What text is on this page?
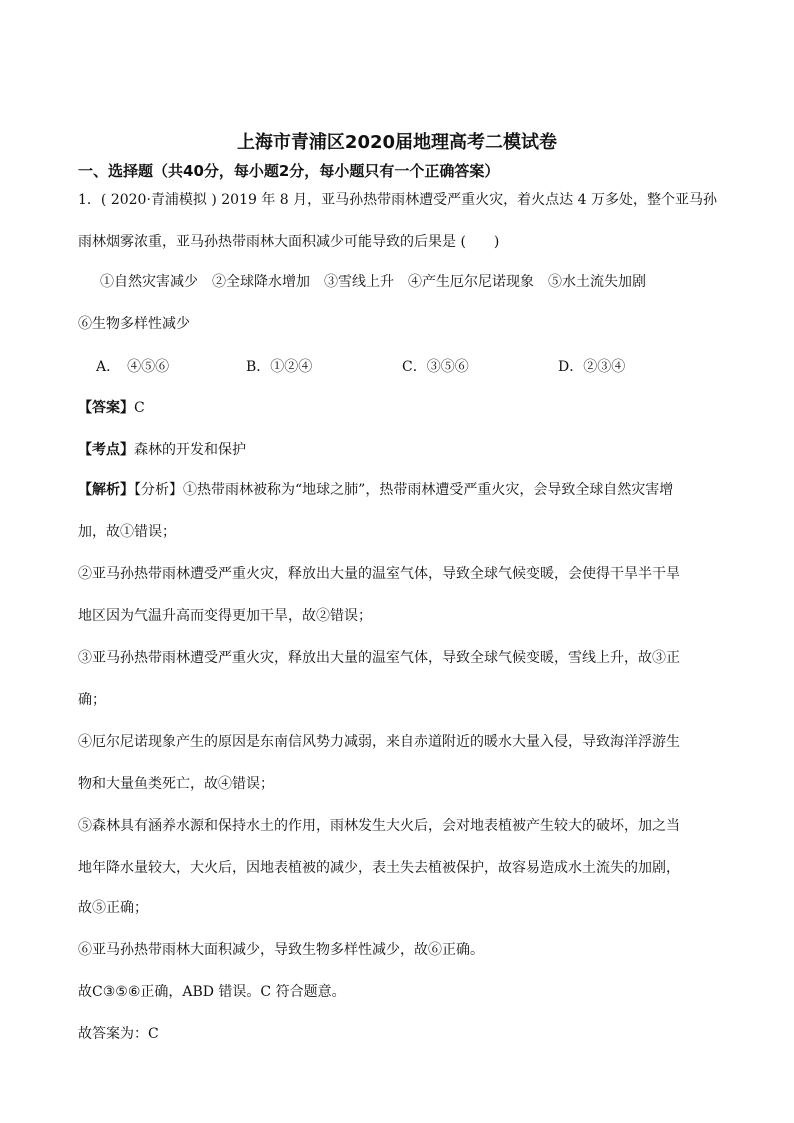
上海市青浦区2020届地理高考二模试卷
一、选择题（共40分，每小题2分，每小题只有一个正确答案）
1．( 2020·青浦模拟 ) 2019 年 8 月，亚马孙热带雨林遭受严重火灾，着火点达 4 万多处，整个亚马孙
雨林烟雾浓重，亚马孙热带雨林大面积减少可能导致的后果是 (　　)
①自然灾害减少　②全球降水增加　③雪线上升　④产生厄尔尼诺现象　⑤水土流失加剧
⑥生物多样性减少
A．　④⑤⑥	B．①②④	C．③⑤⑥	D．②③④
【答案】C
【考点】森林的开发和保护
【解析】【分析】①热带雨林被称为“地球之肺”，热带雨林遭受严重火灾，会导致全球自然灾害增
加，故①错误；
②亚马孙热带雨林遭受严重火灾，释放出大量的温室气体，导致全球气候变暖，会使得干旱半干旱
地区因为气温升高而变得更加干旱，故②错误；
③亚马孙热带雨林遭受严重火灾，释放出大量的温室气体，导致全球气候变暖，雪线上升，故③正
确；
④厄尔尼诺现象产生的原因是东南信风势力减弱，来自赤道附近的暖水大量入侵，导致海洋浮游生
物和大量鱼类死亡，故④错误；
⑤森林具有涵养水源和保持水土的作用，雨林发生大火后，会对地表植被产生较大的破坏，加之当
地年降水量较大，大火后，因地表植被的减少，表土失去植被保护，故容易造成水土流失的加剧，
故⑤正确；
⑥亚马孙热带雨林大面积减少，导致生物多样性减少，故⑥正确。
故C③⑤⑥正确，ABD 错误。C 符合题意。
故答案为：C
